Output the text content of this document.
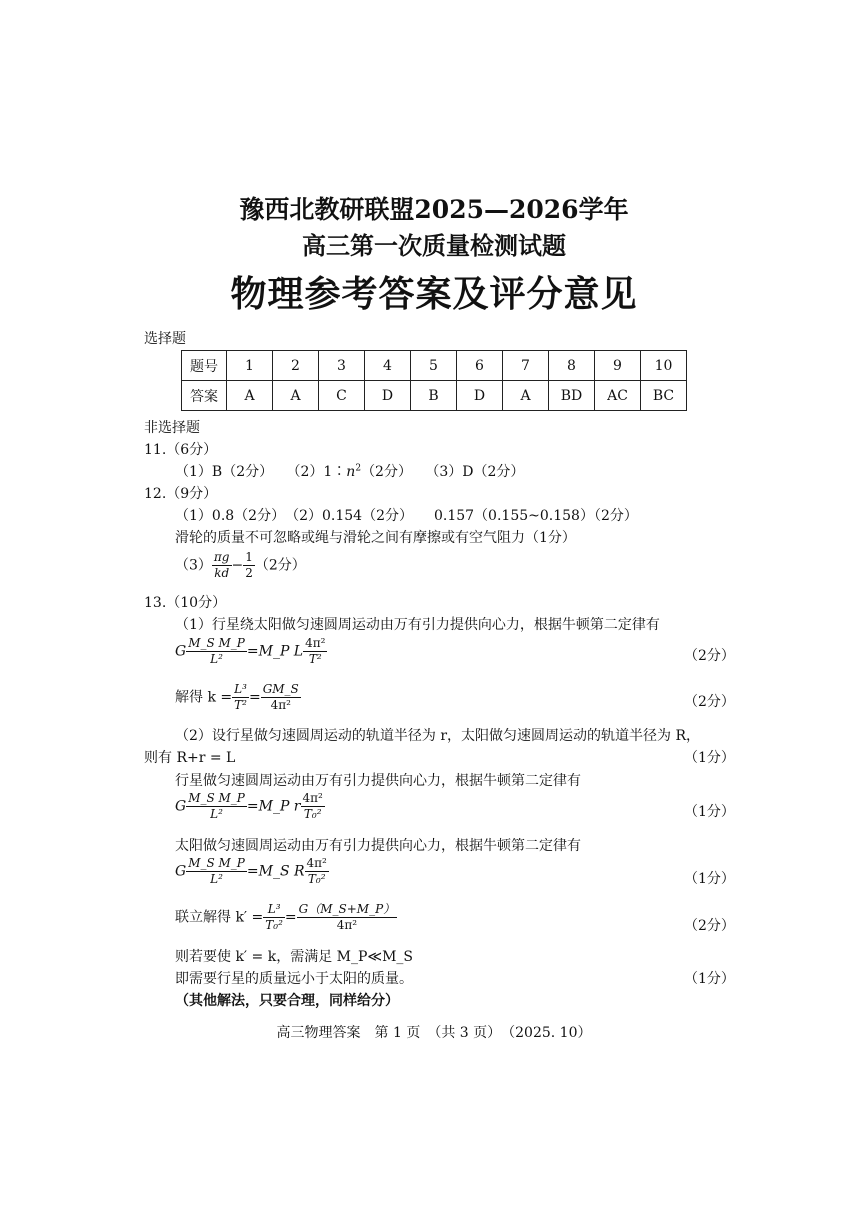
豫西北教研联盟2025—2026学年
高三第一次质量检测试题
物理参考答案及评分意见
选择题
题号	1	2	3	4	5	6	7	8	9	10
答案	A	A	C	D	B	D	A	BD	AC	BC
非选择题
11.（6分）
（1）B（2分） $(2)1∶n^2(2$分） （3）D（2分）
12.（9分）
（1）0.8（2分）　（2）0.154（2分）　　0.157（0.155~0.158）（2分）
滑轮的质量不可忽略或绳与滑轮之间有摩擦或有空气阻力（1分）
$(3) \frac{\pi g}{kd} - \frac{1}{2} (2$分）
13.（10分）
（1）行星绕太阳做匀速圆周运动由万有引力提供向心力，根据牛顿第二定律有
G $\frac{\text{M\_S M\_P}}{\text{L²}}$ =M_P L $\frac{\text{4π²}}{\text{T²}}$	（2分）
解得 $k = \frac{\text{L³}}{\text{T²}} = \frac{GM\_S}{\text{4π²}}$	（2分）
（2）设行星做匀速圆周运动的轨道半径为 r，太阳做匀速圆周运动的轨道半径为 R，
则有 R+r = L	（1分）
行星做匀速圆周运动由万有引力提供向心力，根据牛顿第二定律有
G $\frac{\text{M\_S M\_P}}{\text{L²}}$ =M_P r $\frac{\text{4π²}}{\text{T₀²}}$	（1分）
太阳做匀速圆周运动由万有引力提供向心力，根据牛顿第二定律有
G $\frac{\text{M\_S M\_P}}{\text{L²}}$ =M_S R $\frac{\text{4π²}}{\text{T₀²}}$	（1分）
联立解得 $k' = \frac{\text{L³}}{\text{T₀²}} = \frac{G(M\_S+M\_P)}{\text{4π²}}$	（2分）
则若要使 k′ = k，需满足 M_P≪M_S
即需要行星的质量远小于太阳的质量。	（1分）
（其他解法，只要合理，同样给分）
高三物理答案　第 1 页　（共 3 页）　（2025. 10）
